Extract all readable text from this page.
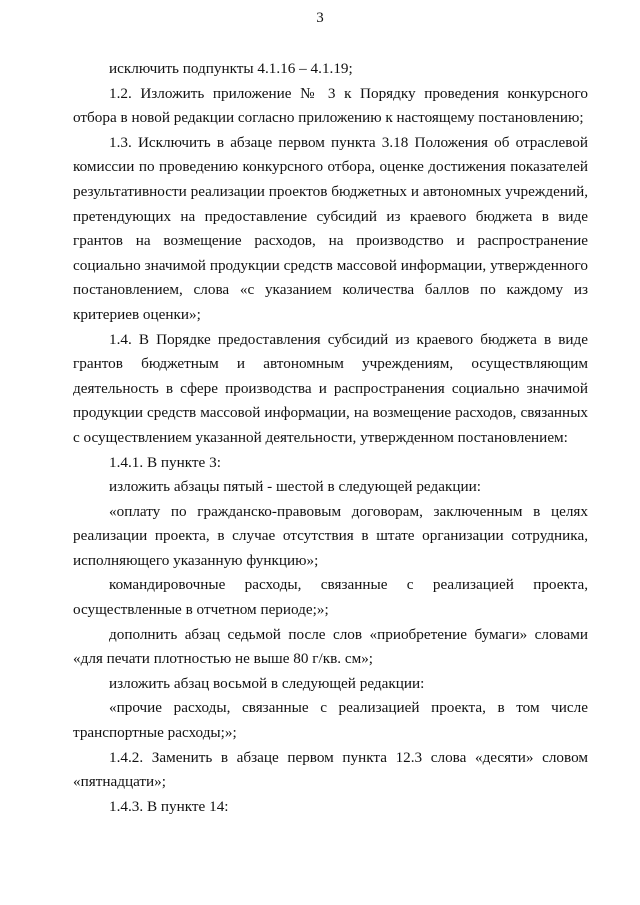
3

исключить подпункты 4.1.16 – 4.1.19;

1.2. Изложить приложение № 3 к Порядку проведения конкурсного отбора в новой редакции согласно приложению к настоящему постановлению;

1.3. Исключить в абзаце первом пункта 3.18 Положения об отраслевой комиссии по проведению конкурсного отбора, оценке достижения показателей результативности реализации проектов бюджетных и автономных учреждений, претендующих на предоставление субсидий из краевого бюджета в виде грантов на возмещение расходов, на производство и распространение социально значимой продукции средств массовой информации, утвержденного постановлением, слова «с указанием количества баллов по каждому из критериев оценки»;

1.4. В Порядке предоставления субсидий из краевого бюджета в виде грантов бюджетным и автономным учреждениям, осуществляющим деятельность в сфере производства и распространения социально значимой продукции средств массовой информации, на возмещение расходов, связанных с осуществлением указанной деятельности, утвержденном постановлением:

1.4.1. В пункте 3:

изложить абзацы пятый - шестой в следующей редакции:

«оплату по гражданско-правовым договорам, заключенным в целях реализации проекта, в случае отсутствия в штате организации сотрудника, исполняющего указанную функцию»;

командировочные расходы, связанные с реализацией проекта, осуществленные в отчетном периоде;»;

дополнить абзац седьмой после слов «приобретение бумаги» словами «для печати плотностью не выше 80 г/кв. см»;

изложить абзац восьмой в следующей редакции:

«прочие расходы, связанные с реализацией проекта, в том числе транспортные расходы;»;

1.4.2. Заменить в абзаце первом пункта 12.3 слова «десяти» словом «пятнадцати»;

1.4.3. В пункте 14:
